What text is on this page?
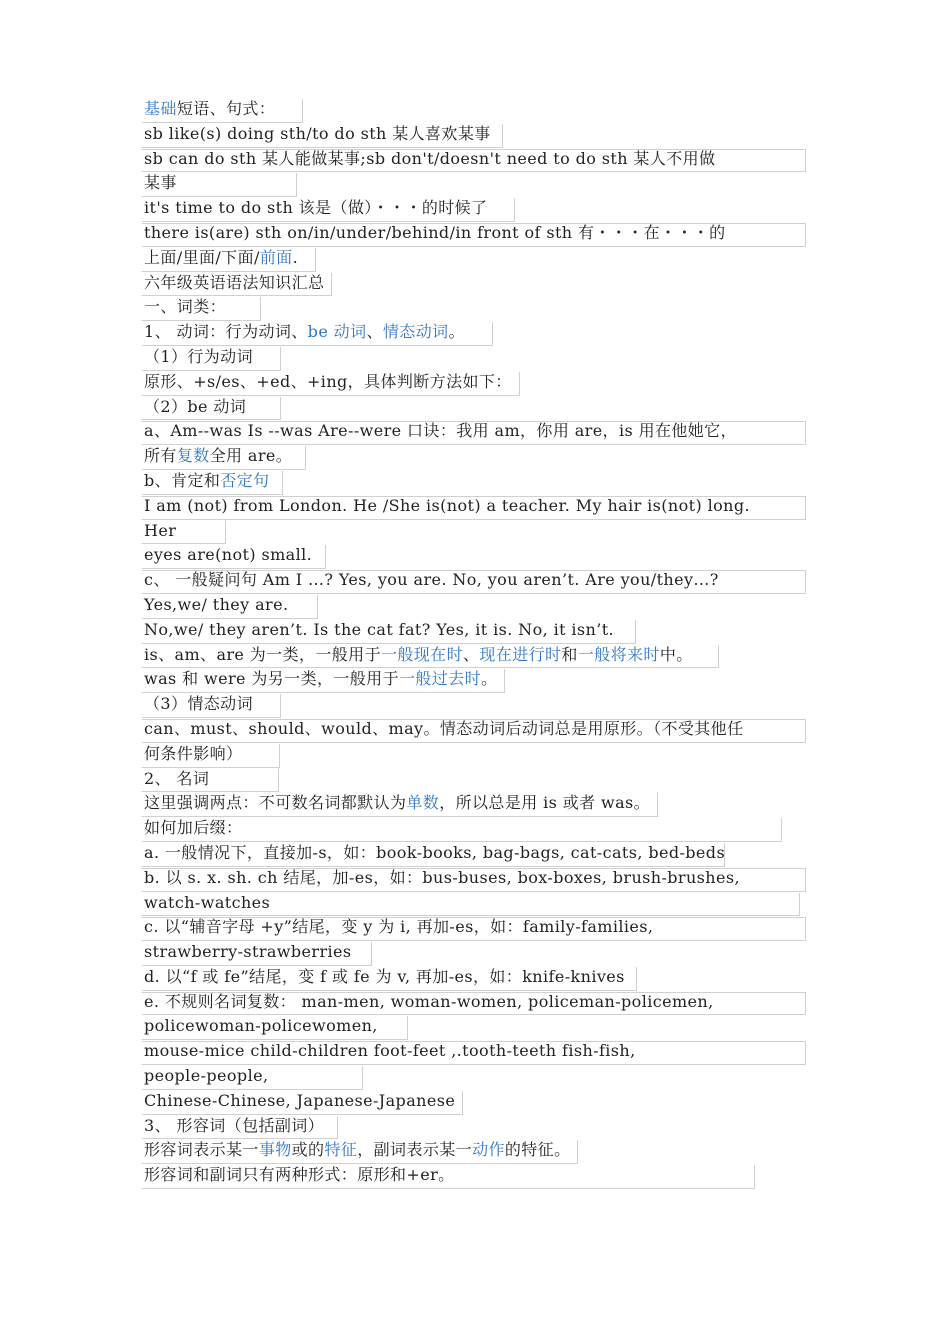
基础短语、句式：
sb like(s) doing sth/to do sth 某人喜欢某事
sb can do sth 某人能做某事;sb don't/doesn't need to do sth 某人不用做
某事
it's time to do sth 该是（做）・・・的时候了
there is(are) sth on/in/under/behind/in front of sth 有・・・在・・・的
上面/里面/下面/前面.
六年级英语语法知识汇总
一、词类：
1、 动词：行为动词、be 动词、情态动词。
（1）行为动词
原形、+s/es、+ed、+ing，具体判断方法如下：
（2）be 动词
a、Am--was Is --was Are--were 口诀：我用 am，你用 are，is 用在他她它，
所有复数全用 are。
b、肯定和否定句
I am (not) from London. He /She is(not) a teacher. My hair is(not) long.
Her
eyes are(not) small.
c、 一般疑问句 Am I …? Yes, you are. No, you aren’t. Are you/they…?
Yes,we/ they are.
No,we/ they aren’t. Is the cat fat? Yes, it is. No, it isn’t.
is、am、are 为一类，一般用于一般现在时、现在进行时和一般将来时中。
was 和 were 为另一类，一般用于一般过去时。
（3）情态动词
can、must、should、would、may。情态动词后动词总是用原形。（不受其他任
何条件影响）
2、 名词
这里强调两点：不可数名词都默认为单数，所以总是用 is 或者 was。
如何加后缀：
a. 一般情况下，直接加-s，如：book-books, bag-bags, cat-cats, bed-beds
b. 以 s. x. sh. ch 结尾，加-es，如：bus-buses, box-boxes, brush-brushes,
watch-watches
c. 以“辅音字母 +y”结尾，变 y 为 i, 再加-es，如：family-families,
strawberry-strawberries
d. 以“f 或 fe”结尾，变 f 或 fe 为 v, 再加-es，如：knife-knives
e. 不规则名词复数： man-men, woman-women, policeman-policemen,
policewoman-policewomen,
mouse-mice child-children foot-feet ,.tooth-teeth fish-fish,
people-people,
Chinese-Chinese, Japanese-Japanese
3、 形容词（包括副词）
形容词表示某一事物或的特征，副词表示某一动作的特征。
形容词和副词只有两种形式：原形和+er。
